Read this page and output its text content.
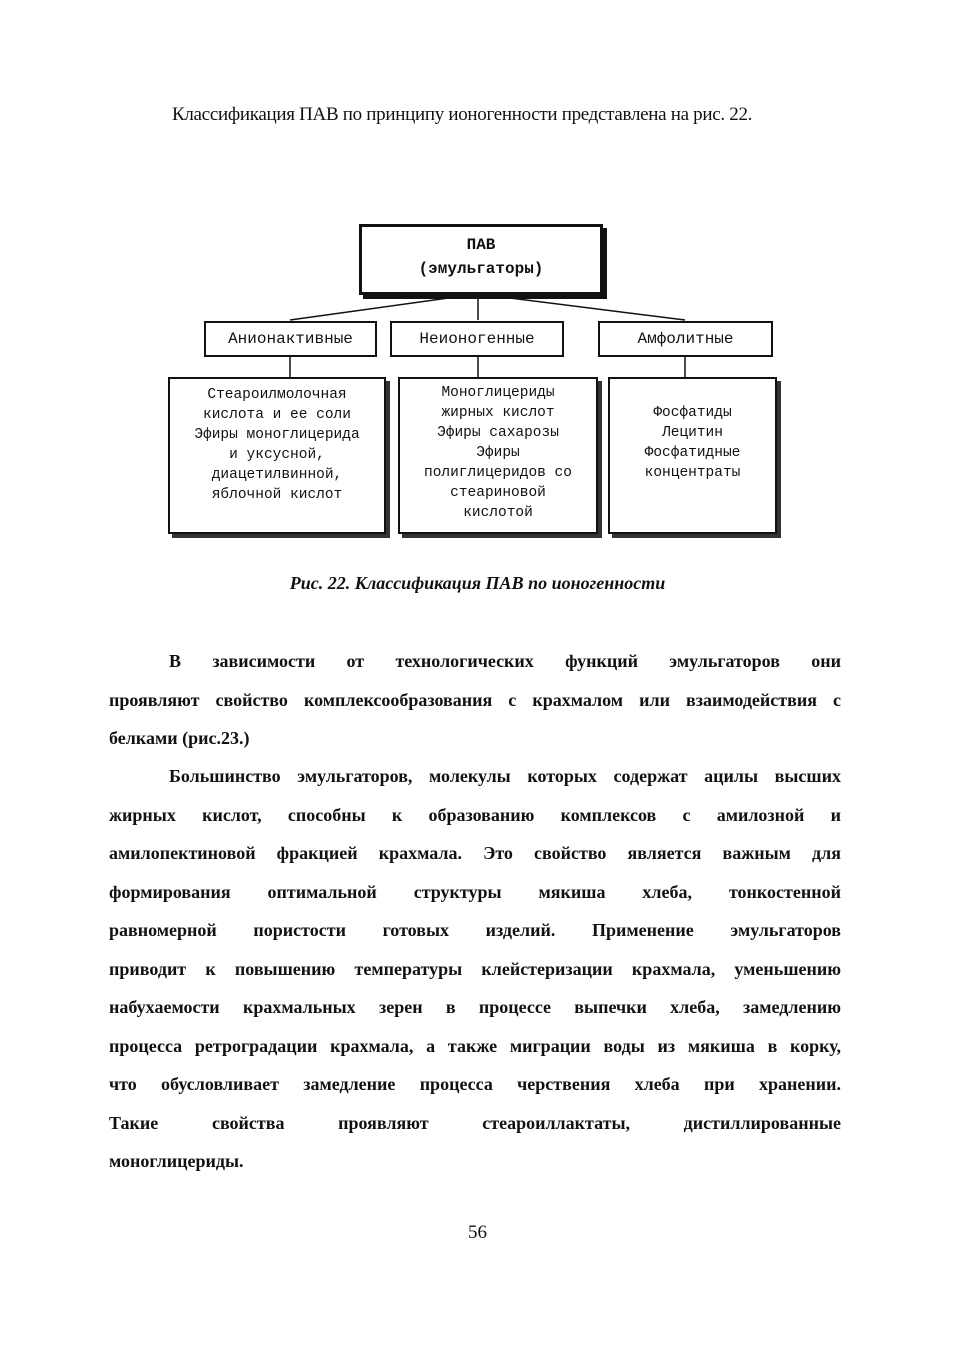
Классификация ПАВ по принципу ионогенности представлена на рис. 22.
ПАВ
(эмульгаторы)
Анионактивные	Неионогенные	Амфолитные
Стеароилмолочная
кислота и ее соли
Эфиры моноглицерида
и уксусной,
диацетилвинной,
яблочной кислот
Моноглицериды
жирных кислот
Эфиры сахарозы
Эфиры
полиглицеридов со
стеариновой
кислотой
Фосфатиды
Лецитин
Фосфатидные
концентраты
Рис. 22. Классификация ПАВ по ионогенности
В зависимости от технологических функций эмульгаторов они
проявляют свойство комплексообразования с крахмалом или взаимодействия с
белками (рис.23.)
Большинство эмульгаторов, молекулы которых содержат ацилы высших
жирных кислот, способны к образованию комплексов с амилозной и
амилопектиновой фракцией крахмала. Это свойство является важным для
формирования оптимальной структуры мякиша хлеба, тонкостенной
равномерной пористости готовых изделий. Применение эмульгаторов
приводит к повышению температуры клейстеризации крахмала, уменьшению
набухаемости крахмальных зерен в процессе выпечки хлеба, замедлению
процесса ретроградации крахмала, а также миграции воды из мякиша в корку,
что обусловливает замедление процесса черствения хлеба при хранении.
Такие свойства проявляют стеароиллактаты, дистиллированные
моноглицериды.
56
